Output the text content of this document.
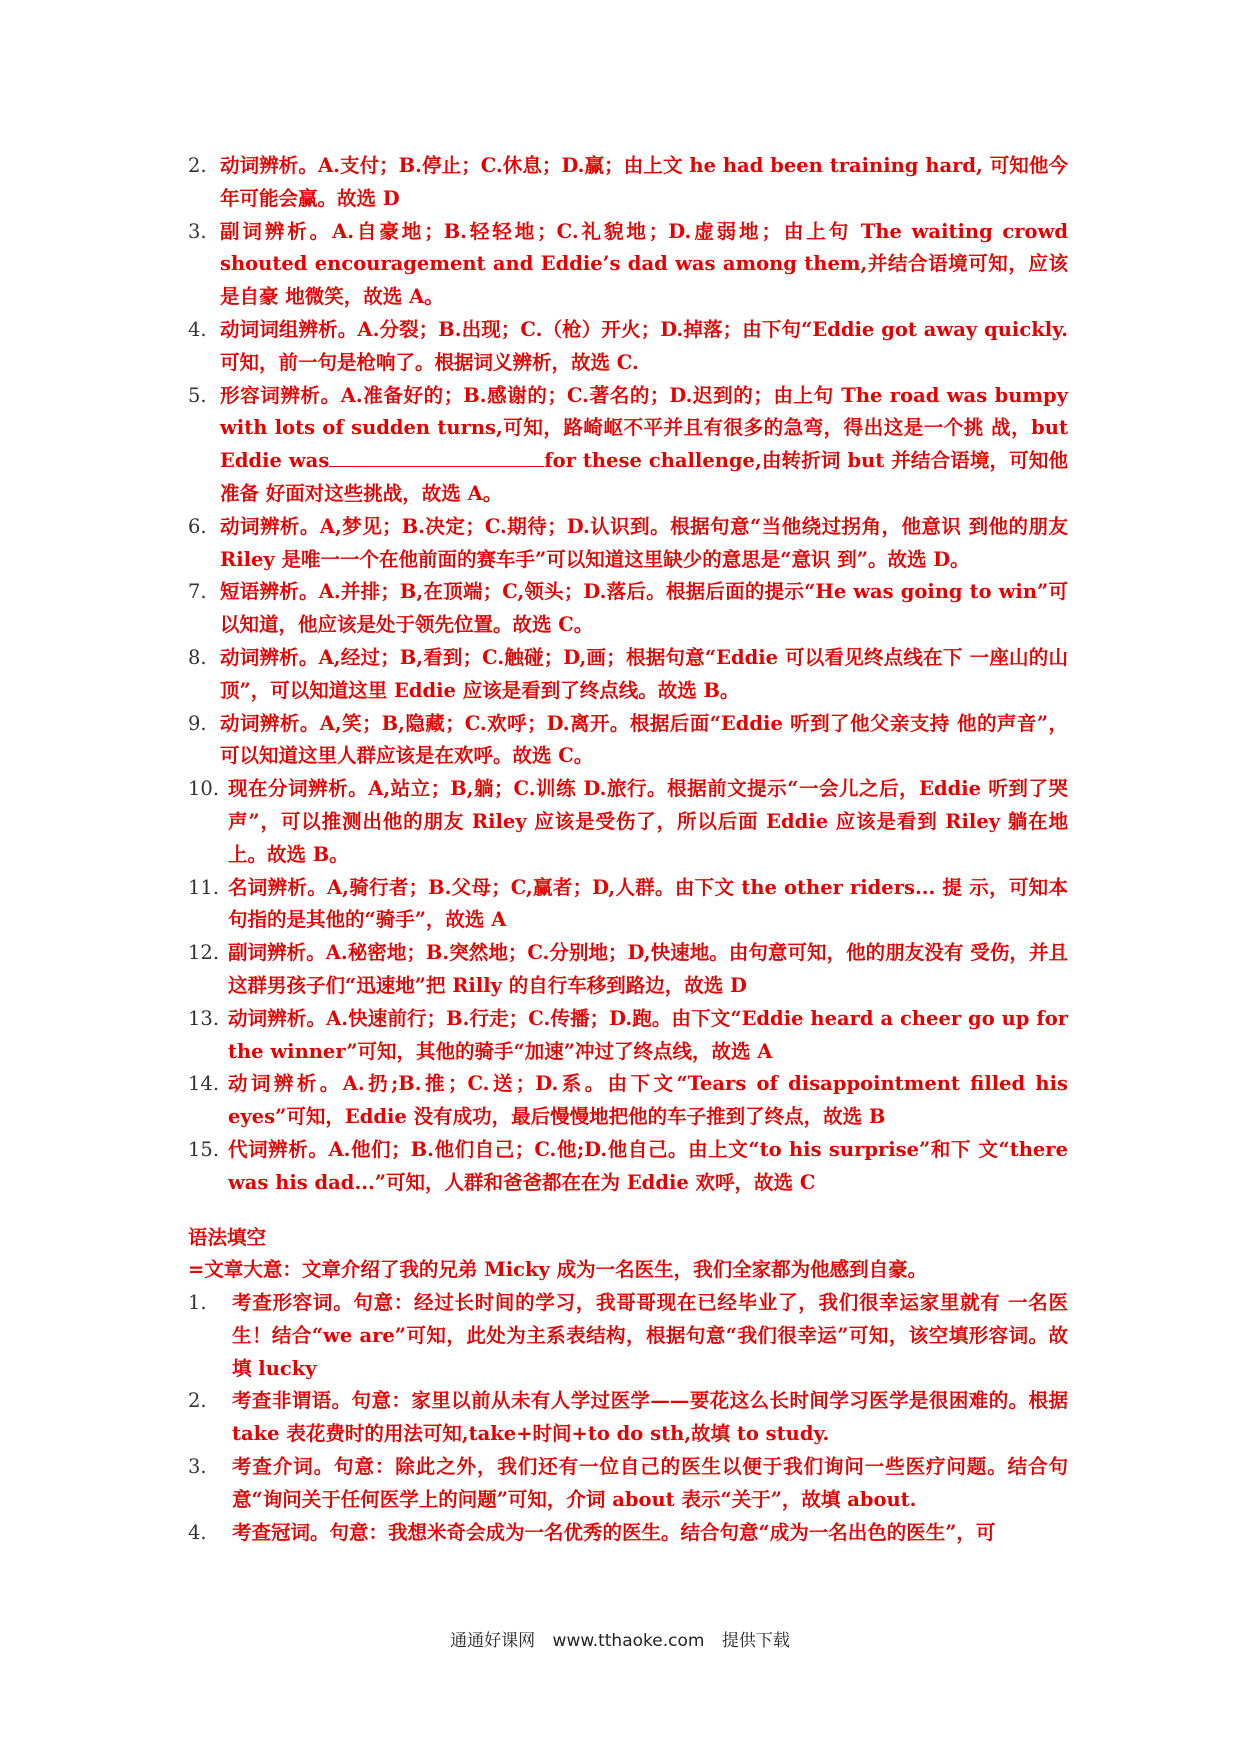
2. 动词辨析。A.支付；B.停止；C.休息；D.赢；由上文 he had been training hard, 可知他今年可能会赢。故选 D
3. 副词辨析。A.自豪地；B.轻轻地；C.礼貌地；D.虚弱地；由上句 The waiting crowd shouted encouragement and Eddie’s dad was among them,并结合语境可知，应该是自豪 地微笑，故选 A。
4. 动词词组辨析。A.分裂；B.出现；C.（枪）开火；D.掉落；由下句“Eddie got away quickly.可知，前一句是枪响了。根据词义辨析，故选 C.
5. 形容词辨析。A.准备好的；B.感谢的；C.著名的；D.迟到的；由上句 The road was bumpy with lots of sudden turns,可知，路崎岖不平并且有很多的急弯，得出这是一个挑 战，but Eddie was	for these challenge,由转折词 but 并结合语境，可知他准备 好面对这些挑战，故选 A。
6. 动词辨析。A,梦见；B.决定；C.期待；D.认识到。根据句意“当他绕过拐角，他意识 到他的朋友 Riley 是唯一一个在他前面的赛车手”可以知道这里缺少的意思是“意识 到”。故选 D。
7. 短语辨析。A.并排；B,在顶端；C,领头；D.落后。根据后面的提示“He was going to win”可以知道，他应该是处于领先位置。故选 C。
8. 动词辨析。A,经过；B,看到；C.触碰；D,画；根据句意“Eddie 可以看见终点线在下 一座山的山顶”，可以知道这里 Eddie 应该是看到了终点线。故选 B。
9. 动词辨析。A,笑；B,隐藏；C.欢呼；D.离开。根据后面“Eddie 听到了他父亲支持 他的声音”，可以知道这里人群应该是在欢呼。故选 C。
10. 现在分词辨析。A,站立；B,躺；C.训练 D.旅行。根据前文提示“一会儿之后，Eddie 听到了哭声”，可以推测出他的朋友 Riley 应该是受伤了，所以后面 Eddie 应该是看到 Riley 躺在地上。故选 B。
11. 名词辨析。A,骑行者；B.父母；C,赢者；D,人群。由下文 the other riders... 提 示，可知本句指的是其他的“骑手”，故选 A
12. 副词辨析。A.秘密地；B.突然地；C.分别地；D,快速地。由句意可知，他的朋友没有 受伤，并且这群男孩子们“迅速地”把 Rilly 的自行车移到路边，故选 D
13. 动词辨析。A.快速前行；B.行走；C.传播；D.跑。由下文“Eddie heard a cheer go up for the winner”可知，其他的骑手“加速”冲过了终点线，故选 A
14. 动词辨析。A.扔;B.推；C.送；D.系。由下文“Tears of disappointment filled his eyes”可知，Eddie 没有成功，最后慢慢地把他的车子推到了终点，故选 B
15. 代词辨析。A.他们；B.他们自己；C.他;D.他自己。由上文“to his surprise”和下 文“there was his dad...”可知，人群和爸爸都在在为 Eddie 欢呼，故选 C
语法填空
=文章大意：文章介绍了我的兄弟 Micky 成为一名医生，我们全家都为他感到自豪。
1.	考查形容词。句意：经过长时间的学习，我哥哥现在已经毕业了，我们很幸运家里就有 一名医生！结合“we are”可知，此处为主系表结构，根据句意“我们很幸运”可知，该空填形容词。故填 lucky
2.	考查非谓语。句意：家里以前从未有人学过医学——要花这么长时间学习医学是很困难的。根据 take 表花费时的用法可知,take+时间+to do sth,故填 to study.
3.	考查介词。句意：除此之外，我们还有一位自己的医生以便于我们询问一些医疗问题。结合句意“询问关于任何医学上的问题”可知，介词 about 表示“关于”，故填 about.
4.	考查冠词。句意：我想米奇会成为一名优秀的医生。结合句意“成为一名出色的医生”，可
通通好课网 www.tthaoke.com 提供下载
